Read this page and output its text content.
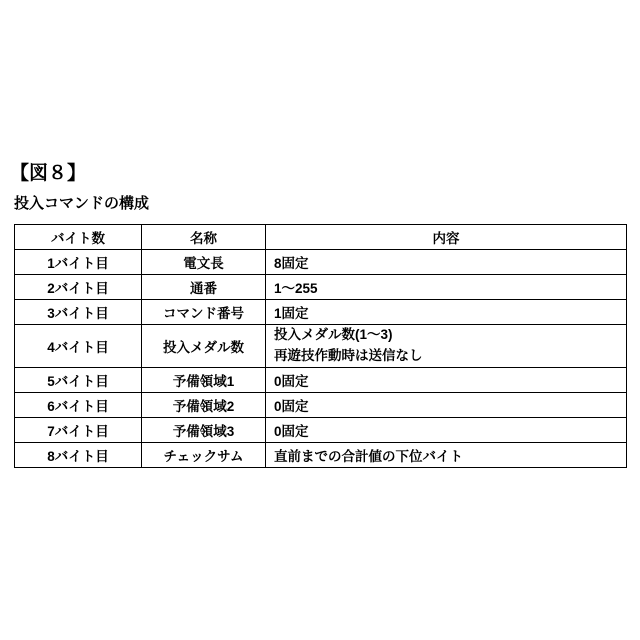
【図８】
投入コマンドの構成
バイト数	名称	内容
1バイト目	電文長	8固定
2バイト目	通番	1～255
3バイト目	コマンド番号	1固定
4バイト目	投入メダル数	投入メダル数(1～3)
再遊技作動時は送信なし

5バイト目	予備領域1	0固定
6バイト目	予備領域2	0固定
7バイト目	予備領域3	0固定
8バイト目	チェックサム	直前までの合計値の下位バイト
